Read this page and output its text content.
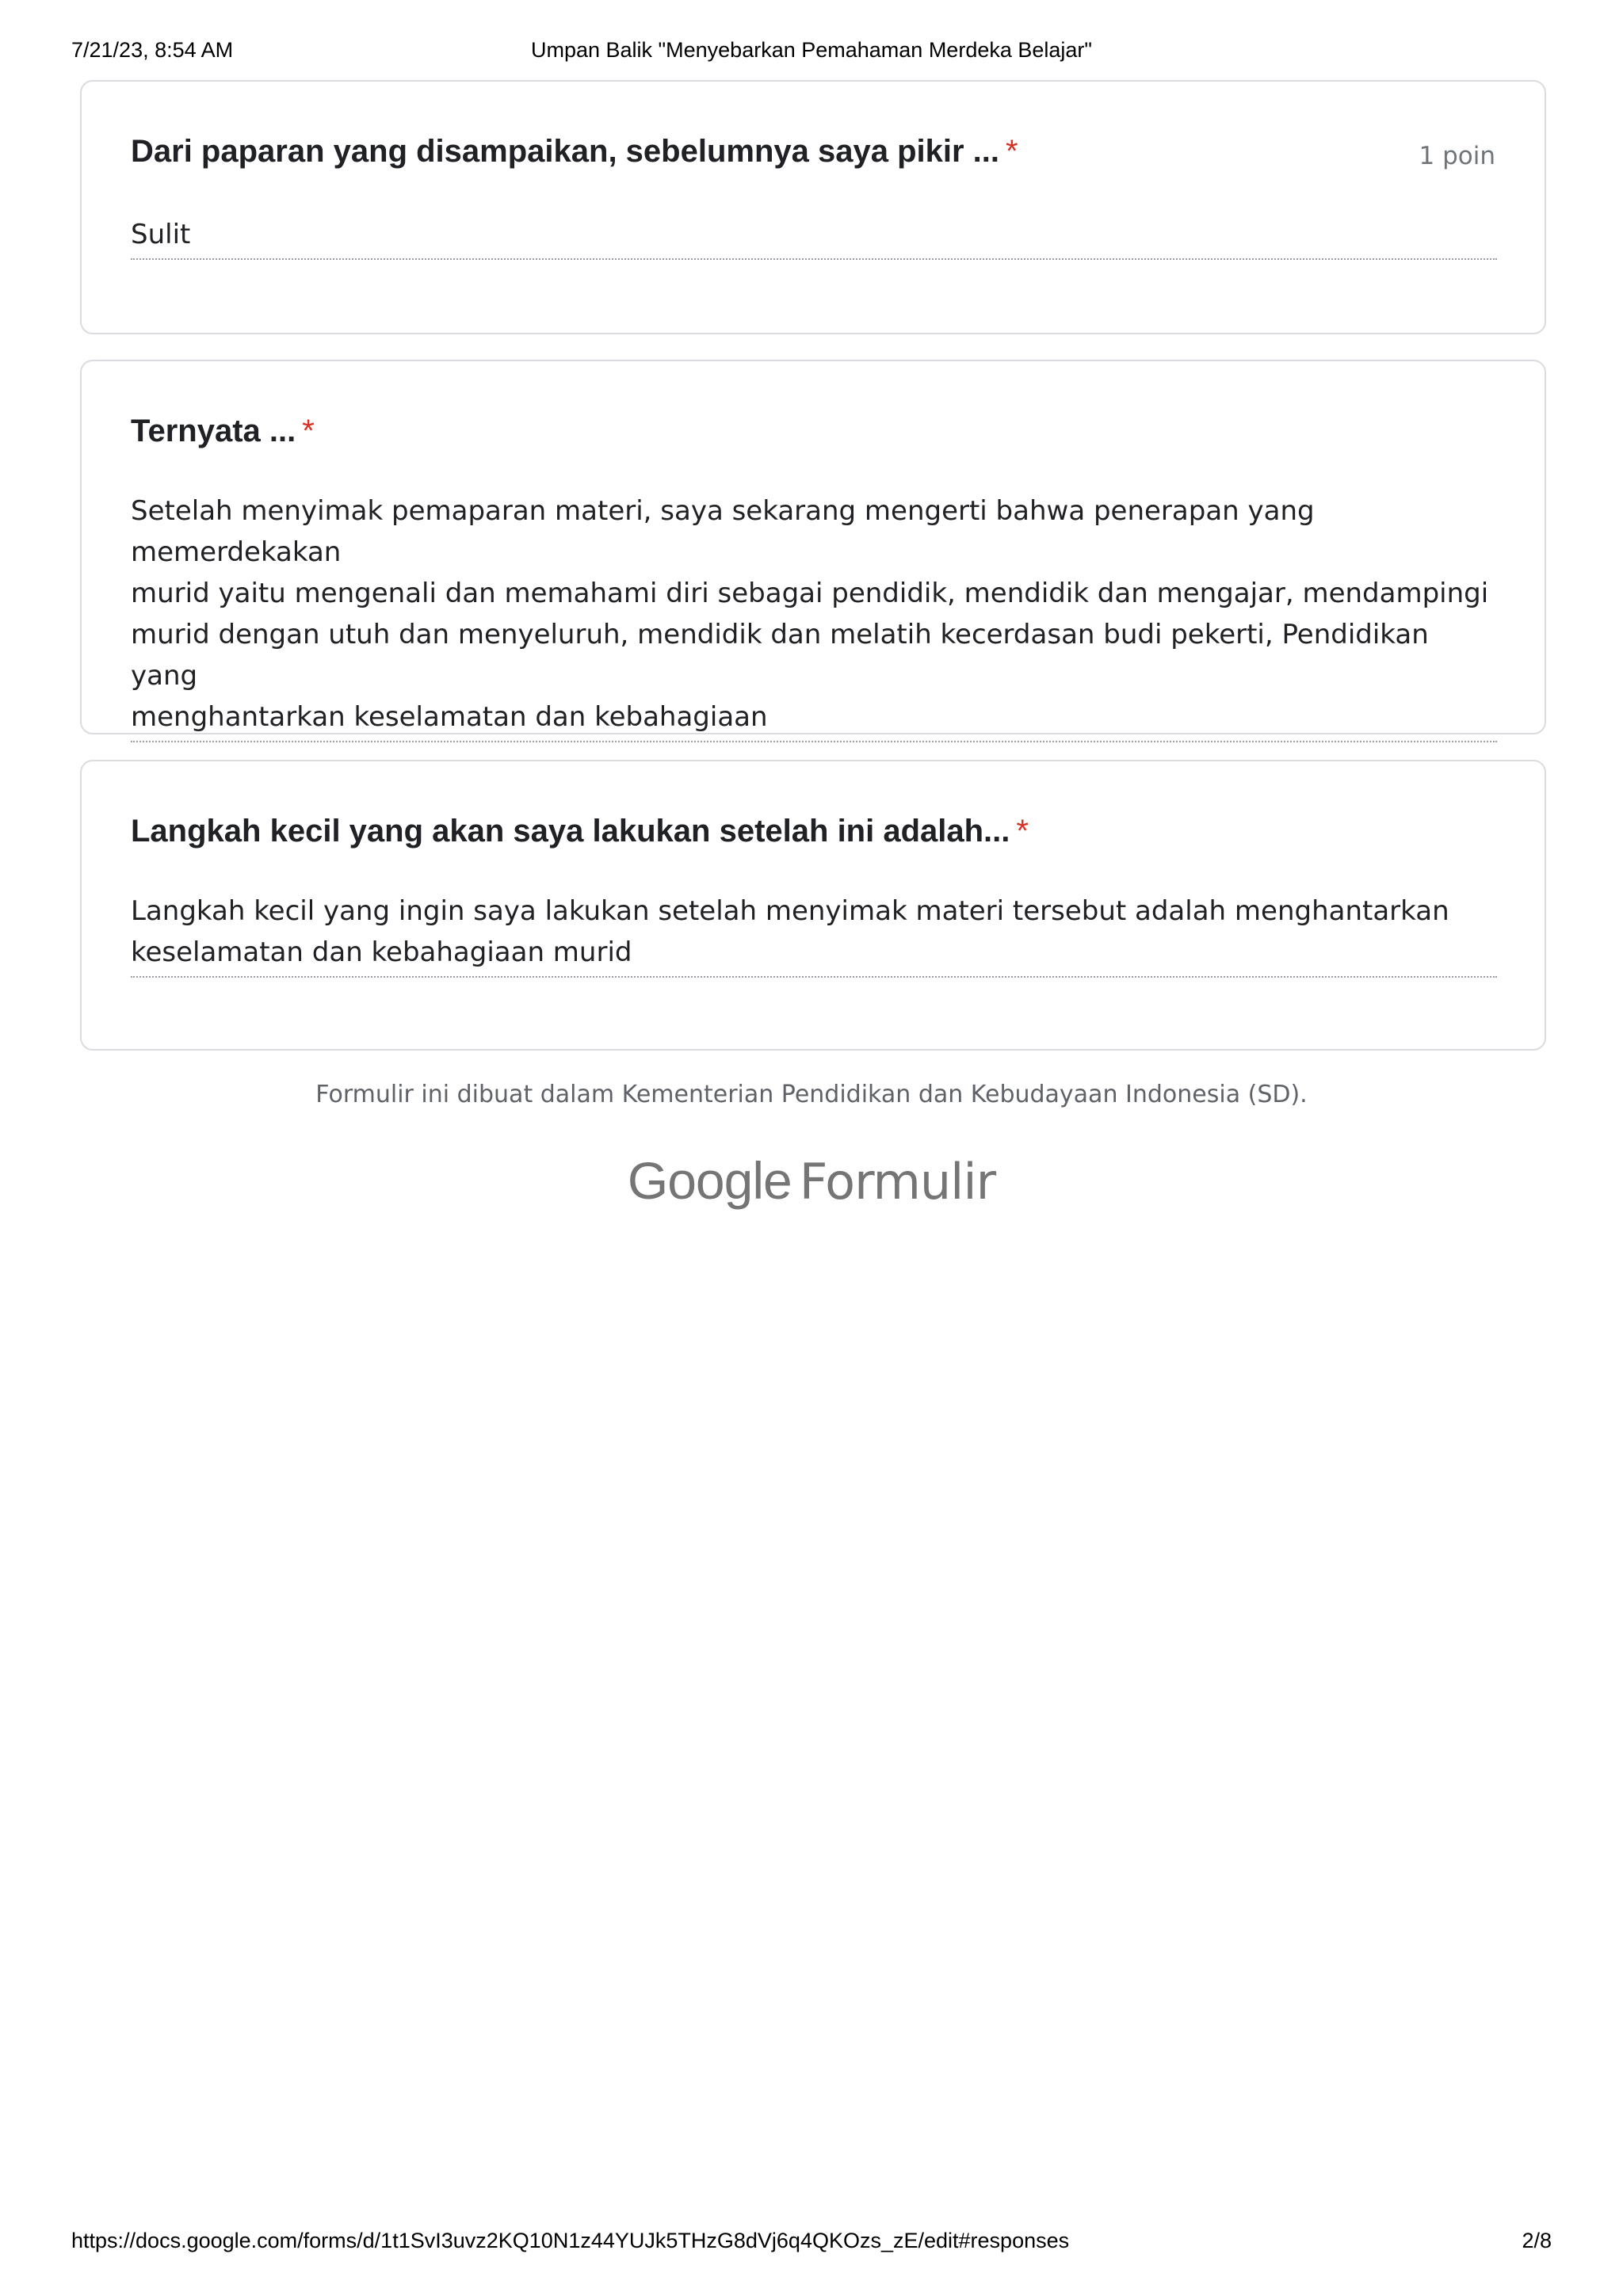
7/21/23, 8:54 AM	Umpan Balik "Menyebarkan Pemahaman Merdeka Belajar"
Dari paparan yang disampaikan, sebelumnya saya pikir ... *	1 poin
Sulit
Ternyata ... *
Setelah menyimak pemaparan materi, saya sekarang mengerti bahwa penerapan yang memerdekakan
murid yaitu mengenali dan memahami diri sebagai pendidik, mendidik dan mengajar, mendampingi
murid dengan utuh dan menyeluruh, mendidik dan melatih kecerdasan budi pekerti, Pendidikan yang
menghantarkan keselamatan dan kebahagiaan
Langkah kecil yang akan saya lakukan setelah ini adalah... *
Langkah kecil yang ingin saya lakukan setelah menyimak materi tersebut adalah menghantarkan
keselamatan dan kebahagiaan murid
Formulir ini dibuat dalam Kementerian Pendidikan dan Kebudayaan Indonesia (SD).
Google Formulir
https://docs.google.com/forms/d/1t1SvI3uvz2KQ10N1z44YUJk5THzG8dVj6q4QKOzs_zE/edit#responses	2/8
